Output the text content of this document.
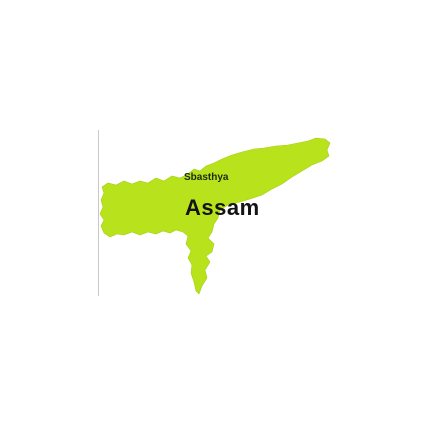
Sbasthya
Assam
